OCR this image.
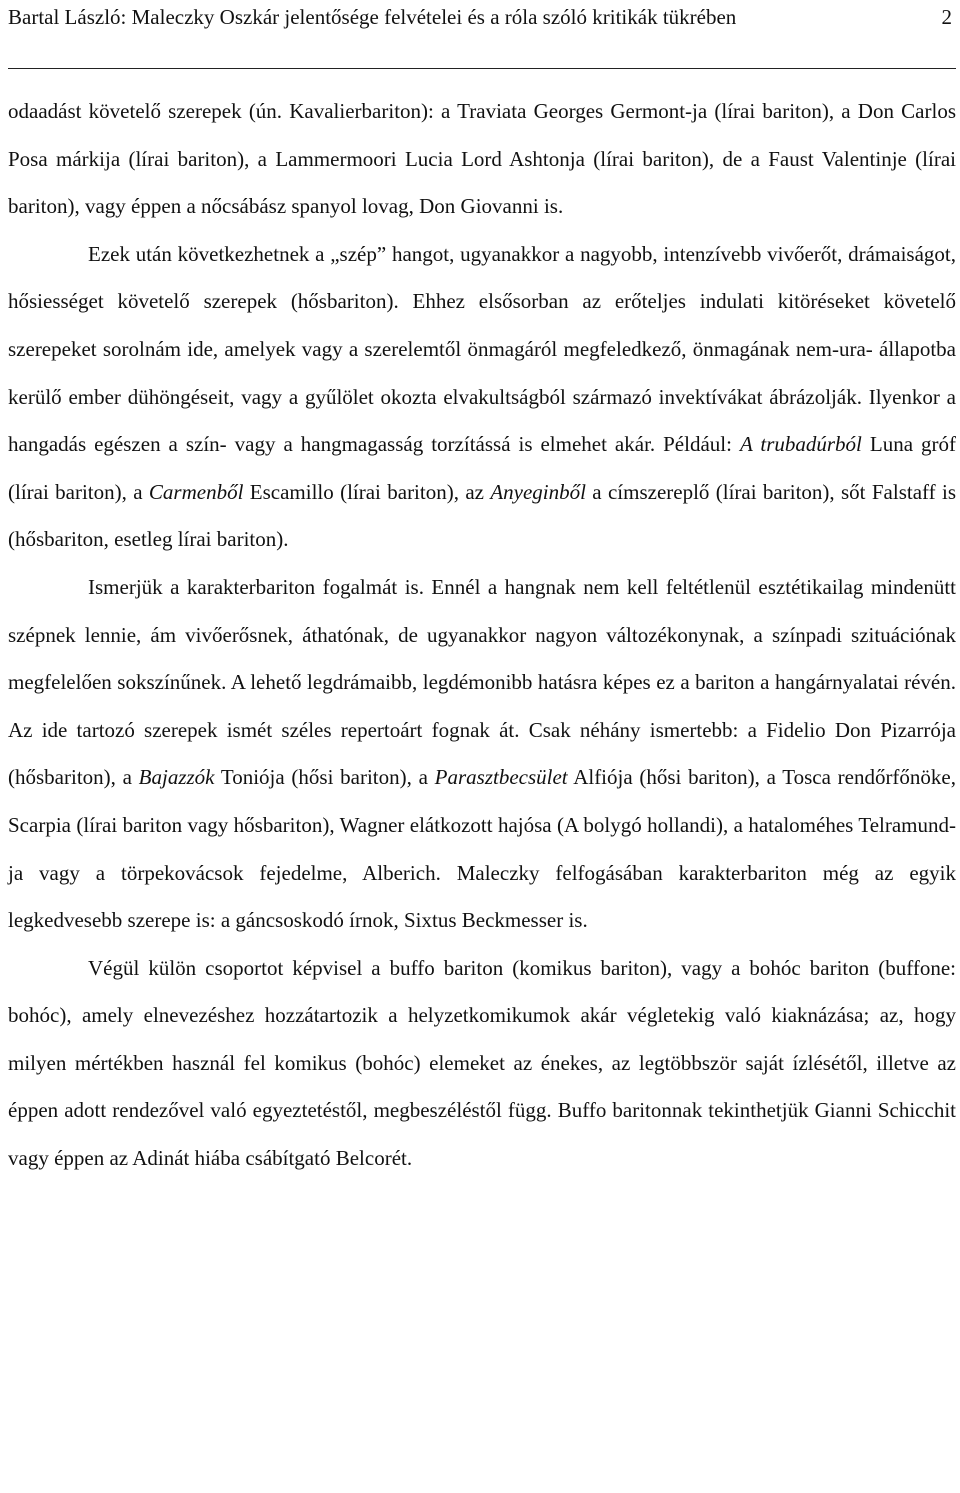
Bartal László: Maleczky Oszkár jelentősége felvételei és a róla szóló kritikák tükrében	2

odaadást követelő szerepek (ún. Kavalierbariton): a Traviata Georges Germont-ja (lírai bariton), a Don Carlos Posa márkija (lírai bariton), a Lammermoori Lucia Lord Ashtonja (lírai bariton), de a Faust Valentinje (lírai bariton), vagy éppen a nőcsábász spanyol lovag, Don Giovanni is.

Ezek után következhetnek a „szép” hangot, ugyanakkor a nagyobb, intenzívebb vivőerőt, drámaiságot, hősiességet követelő szerepek (hősbariton). Ehhez elsősorban az erőteljes indulati kitöréseket követelő szerepeket sorolnám ide, amelyek vagy a szerelemtől önmagáról megfeledkező, önmagának nem-ura- állapotba kerülő ember dühöngéseit, vagy a gyűlölet okozta elvakultságból származó invektívákat ábrázolják. Ilyenkor a hangadás egészen a szín- vagy a hangmagasság torzítássá is elmehet akár. Például: A trubadúrból Luna gróf (lírai bariton), a Carmenből Escamillo (lírai bariton), az Anyeginből a címszereplő (lírai bariton), sőt Falstaff is (hősbariton, esetleg lírai bariton).

Ismerjük a karakterbariton fogalmát is. Ennél a hangnak nem kell feltétlenül esztétikailag mindenütt szépnek lennie, ám vivőerősnek, áthatónak, de ugyanakkor nagyon változékonynak, a színpadi szituációnak megfelelően sokszínűnek. A lehető legdrámaibb, legdémonibb hatásra képes ez a bariton a hangárnyalatai révén. Az ide tartozó szerepek ismét széles repertoárt fognak át. Csak néhány ismertebb: a Fidelio Don Pizarrója (hősbariton), a Bajazzók Toniója (hősi bariton), a Parasztbecsület Alfiója (hősi bariton), a Tosca rendőrfőnöke, Scarpia (lírai bariton vagy hősbariton), Wagner elátkozott hajósa (A bolygó hollandi), a hataloméhes Telramund-ja vagy a törpekovácsok fejedelme, Alberich. Maleczky felfogásában karakterbariton még az egyik legkedvesebb szerepe is: a gáncsoskodó írnok, Sixtus Beckmesser is.

Végül külön csoportot képvisel a buffo bariton (komikus bariton), vagy a bohóc bariton (buffone: bohóc), amely elnevezéshez hozzátartozik a helyzetkomikumok akár végletekig való kiaknázása; az, hogy milyen mértékben használ fel komikus (bohóc) elemeket az énekes, az legtöbbször saját ízlésétől, illetve az éppen adott rendezővel való egyeztetéstől, megbeszéléstől függ. Buffo baritonnak tekinthetjük Gianni Schicchit vagy éppen az Adinát hiába csábítgató Belcorét.
